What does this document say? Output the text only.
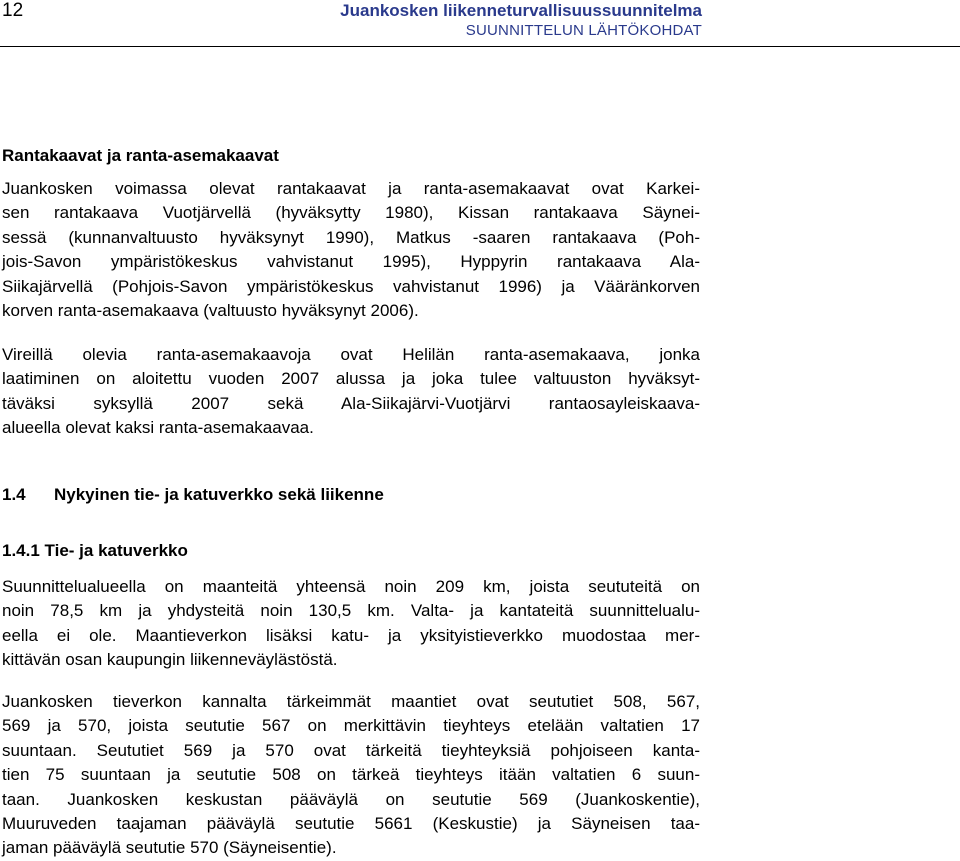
12	Juankosken liikenneturvallisuussuunnitelma
SUUNNITTELUN LÄHTÖKOHDAT
Rantakaavat ja ranta-asemakaavat
Juankosken voimassa olevat rantakaavat ja ranta-asemakaavat ovat Karkei-
sen rantakaava Vuotjärvellä (hyväksytty 1980), Kissan rantakaava Säynei-
sessä (kunnanvaltuusto hyväksynyt 1990), Matkus -saaren rantakaava (Poh-
jois-Savon ympäristökeskus vahvistanut 1995), Hyppyrin rantakaava Ala-
Siikajärvellä (Pohjois-Savon ympäristökeskus vahvistanut 1996) ja Vääränkorven
korven ranta-asemakaava (valtuusto hyväksynyt 2006).
Vireillä olevia ranta-asemakaavoja ovat Helilän ranta-asemakaava, jonka
laatiminen on aloitettu vuoden 2007 alussa ja joka tulee valtuuston hyväksyt-
täväksi syksyllä 2007 sekä Ala-Siikajärvi-Vuotjärvi rantaosayleiskaava-
alueella olevat kaksi ranta-asemakaavaa.
1.4 Nykyinen tie- ja katuverkko sekä liikenne
1.4.1 Tie- ja katuverkko
Suunnittelualueella on maanteitä yhteensä noin 209 km, joista seututeitä on
noin 78,5 km ja yhdysteitä noin 130,5 km. Valta- ja kantateitä suunnittelualu-
eella ei ole. Maantieverkon lisäksi katu- ja yksityistieverkko muodostaa mer-
kittävän osan kaupungin liikenneväylästöstä.
Juankosken tieverkon kannalta tärkeimmät maantiet ovat seututiet 508, 567,
569 ja 570, joista seututie 567 on merkittävin tieyhteys etelään valtatien 17
suuntaan. Seututiet 569 ja 570 ovat tärkeitä tieyhteyksiä pohjoiseen kanta-
tien 75 suuntaan ja seututie 508 on tärkeä tieyhteys itään valtatien 6 suun-
taan. Juankosken keskustan pääväylä on seututie 569 (Juankoskentie),
Muuruveden taajaman pääväylä seututie 5661 (Keskustie) ja Säyneisen taa-
jaman pääväylä seututie 570 (Säyneisentie).
